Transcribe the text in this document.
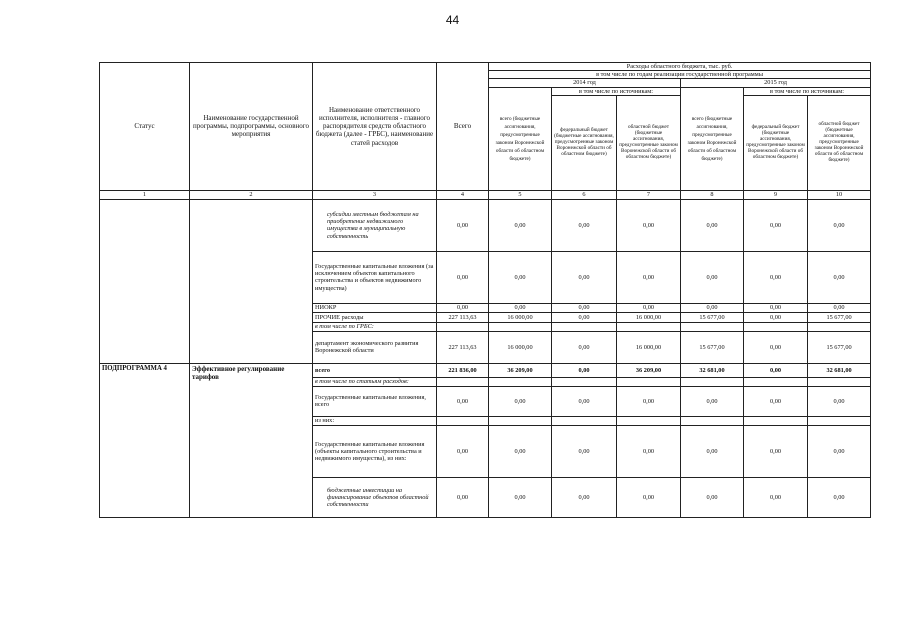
44
Статус	Наименование государственной программы, подпрограммы, основного мероприятия	Наименование ответственного исполнителя, исполнителя - главного распорядителя средств областного бюджета (далее - ГРБС), наименование статей расходов	Всего	Расходы областного бюджета, тыс. руб.					
				в том числе по годам реализации государственной программы					
				2014 год			2015 год		
				всего (бюджетные ассигнования, предусмотренные законом Воронежской области об областном бюджете)	в том числе по источникам:		всего (бюджетные ассигнования, предусмотренные законом Воронежской области об областном бюджете)	в том числе по источникам:	
					федеральный бюджет (бюджетные ассигнования, предусмотренные законом Воронежской области об областном бюджете)	областной бюджет (бюджетные ассигнования, предусмотренные законом Воронежской области об областном бюджете)		федеральный бюджет (бюджетные ассигнования, предусмотренные законом Воронежской области об областном бюджете)	областной бюджет (бюджетные ассигнования, предусмотренные законом Воронежской области об областном бюджете)
1	2	3	4	5	6	7	8	9	10
		субсидии местным бюджетам на приобретение недвижимого имущества в муниципальную собственность	0,00	0,00	0,00	0,00	0,00	0,00	0,00
		Государственные капитальные вложения (за исключением объектов капитального строительства и объектов недвижимого имущества)	0,00	0,00	0,00	0,00	0,00	0,00	0,00
		НИОКР	0,00	0,00	0,00	0,00	0,00	0,00	0,00
		ПРОЧИЕ расходы	227 113,63	16 000,00	0,00	16 000,00	15 677,00	0,00	15 677,00
		в том числе по ГРБС:							
		департамент экономического развития Воронежской области	227 113,63	16 000,00	0,00	16 000,00	15 677,00	0,00	15 677,00
ПОДПРОГРАММА 4	Эффективное регулирование тарифов	всего	221 836,00	36 209,00	0,00	36 209,00	32 681,00	0,00	32 681,00
		в том числе по статьям расходов:							
		Государственные капитальные вложения, всего	0,00	0,00	0,00	0,00	0,00	0,00	0,00
		из них:							
		Государственные капитальные вложения (объекты капитального строительства и недвижимого имущества), из них:	0,00	0,00	0,00	0,00	0,00	0,00	0,00
		бюджетные инвестиции на финансирование объектов областной собственности	0,00	0,00	0,00	0,00	0,00	0,00	0,00
